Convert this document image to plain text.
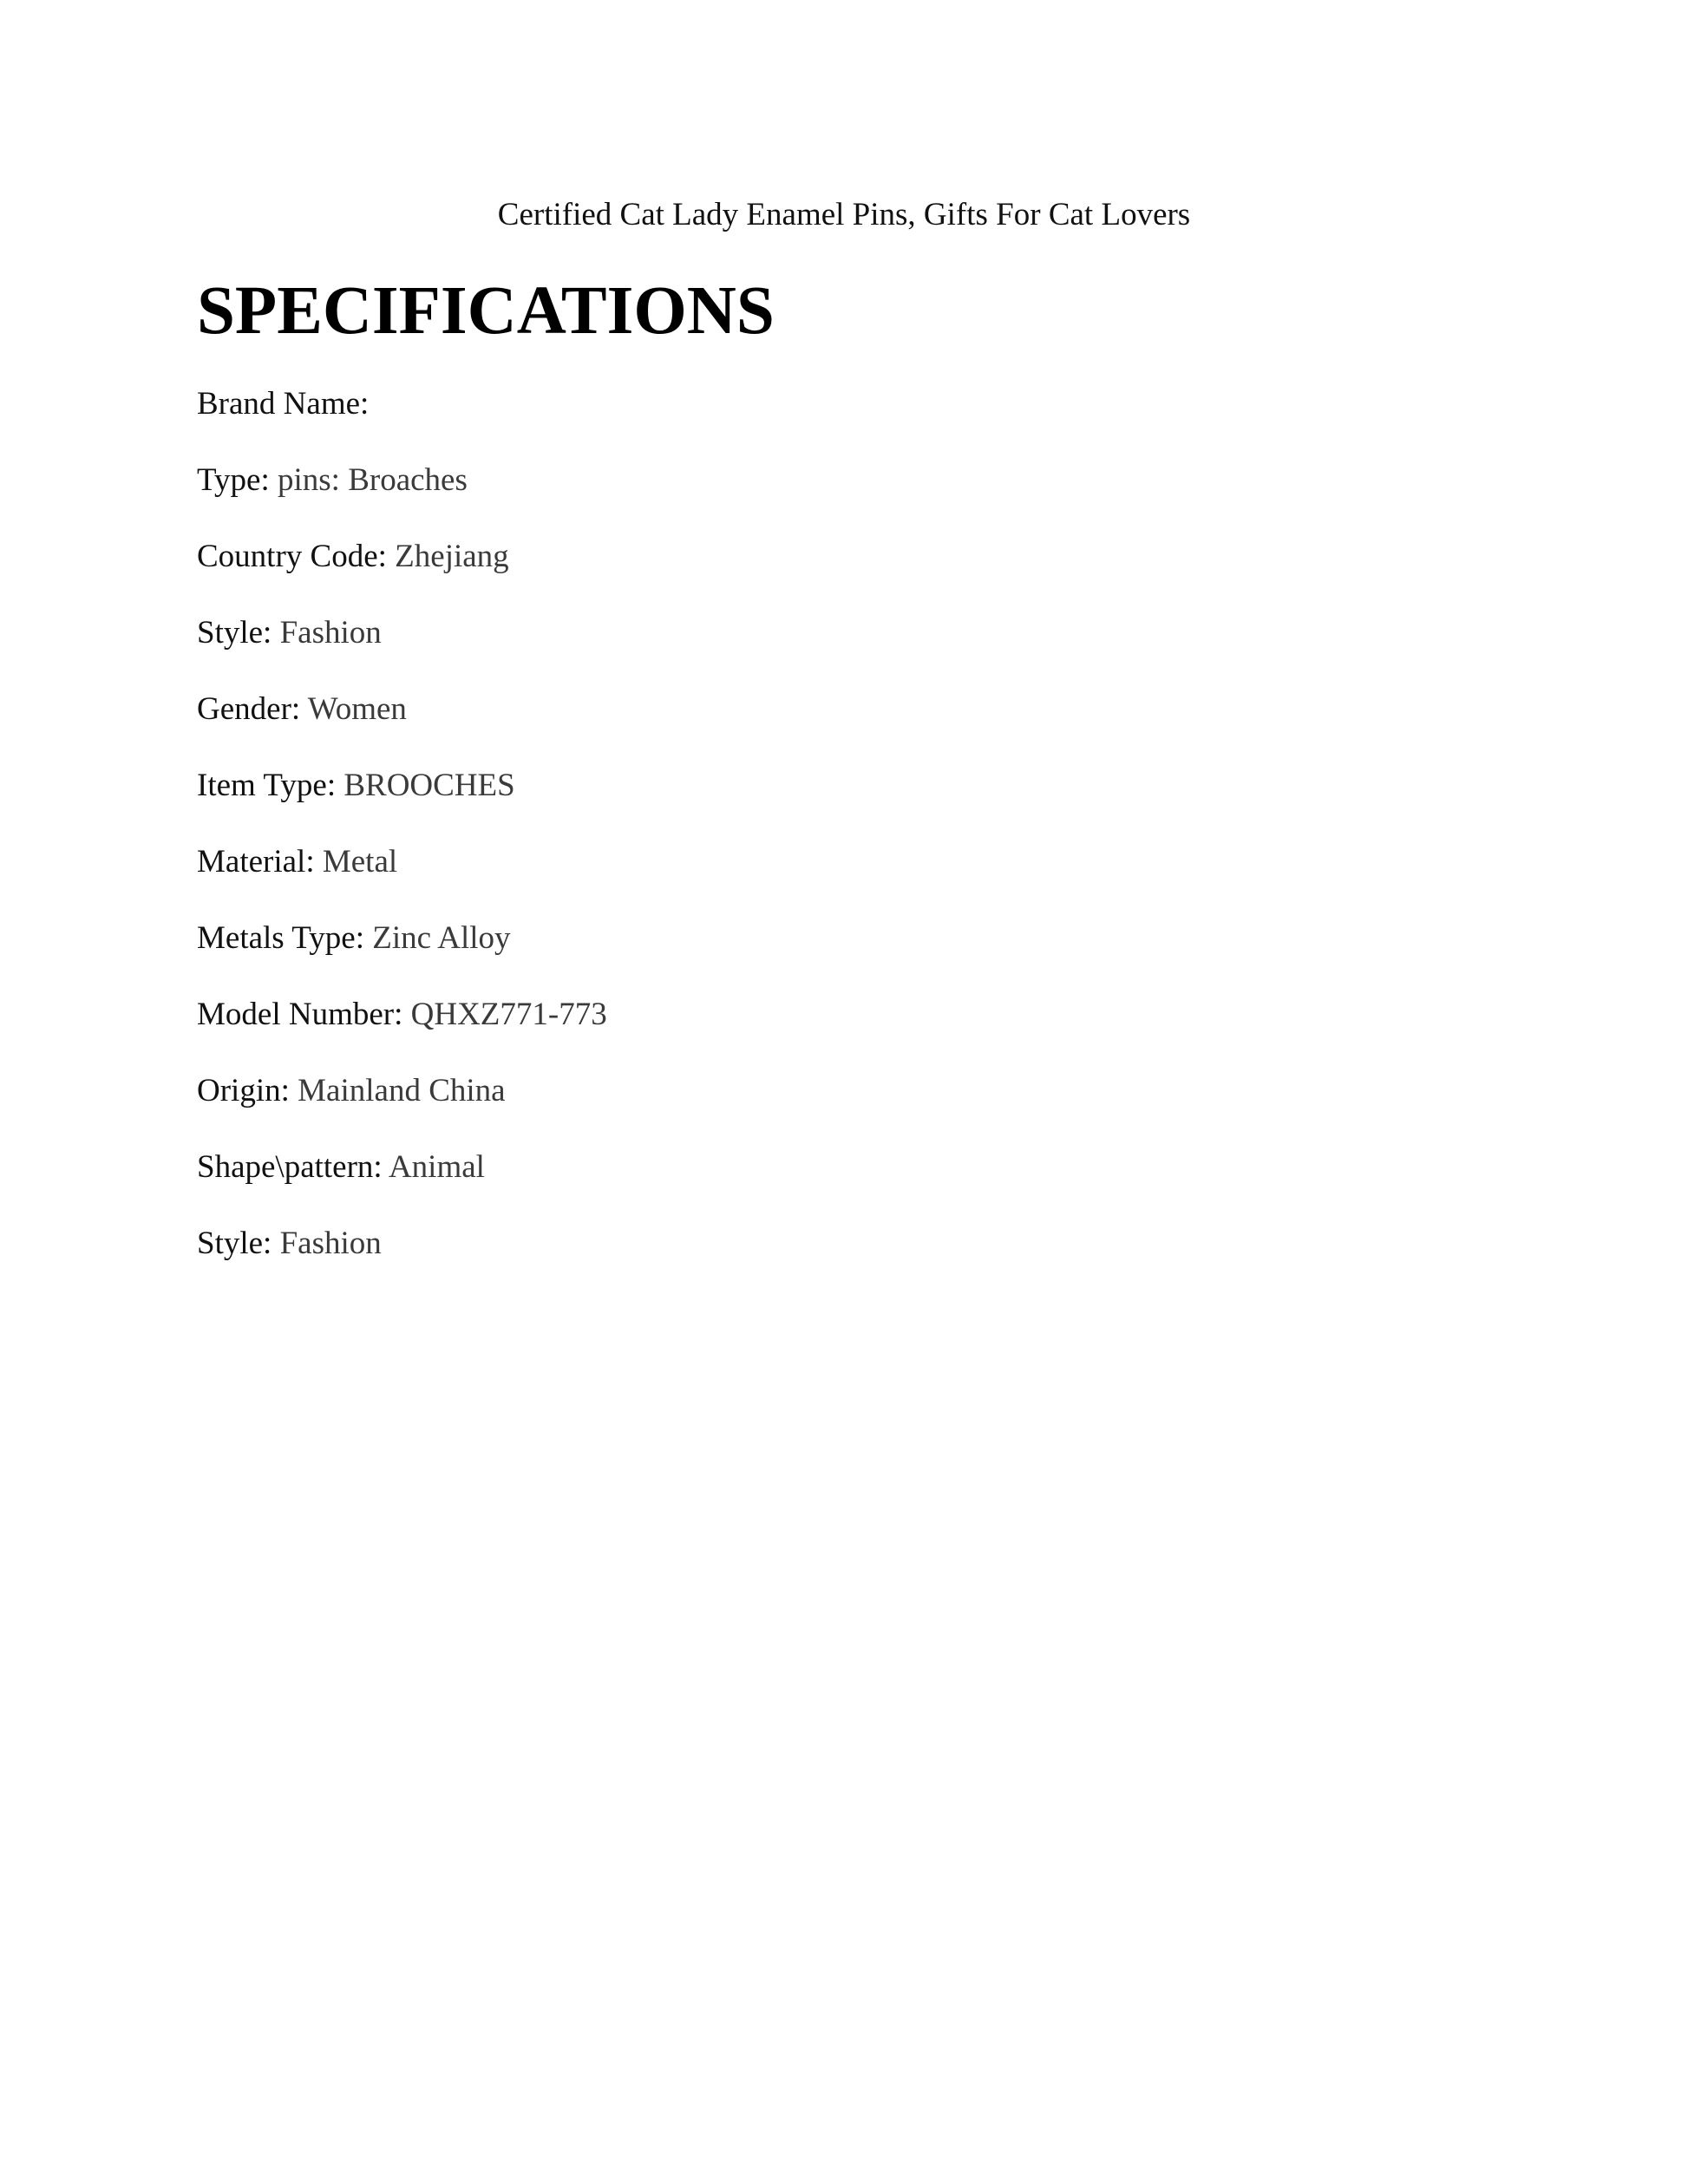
Certified Cat Lady Enamel Pins, Gifts For Cat Lovers
SPECIFICATIONS
Brand Name:
Type: pins: Broaches
Country Code: Zhejiang
Style: Fashion
Gender: Women
Item Type: BROOCHES
Material: Metal
Metals Type: Zinc Alloy
Model Number: QHXZ771-773
Origin: Mainland China
Shape\pattern: Animal
Style: Fashion
